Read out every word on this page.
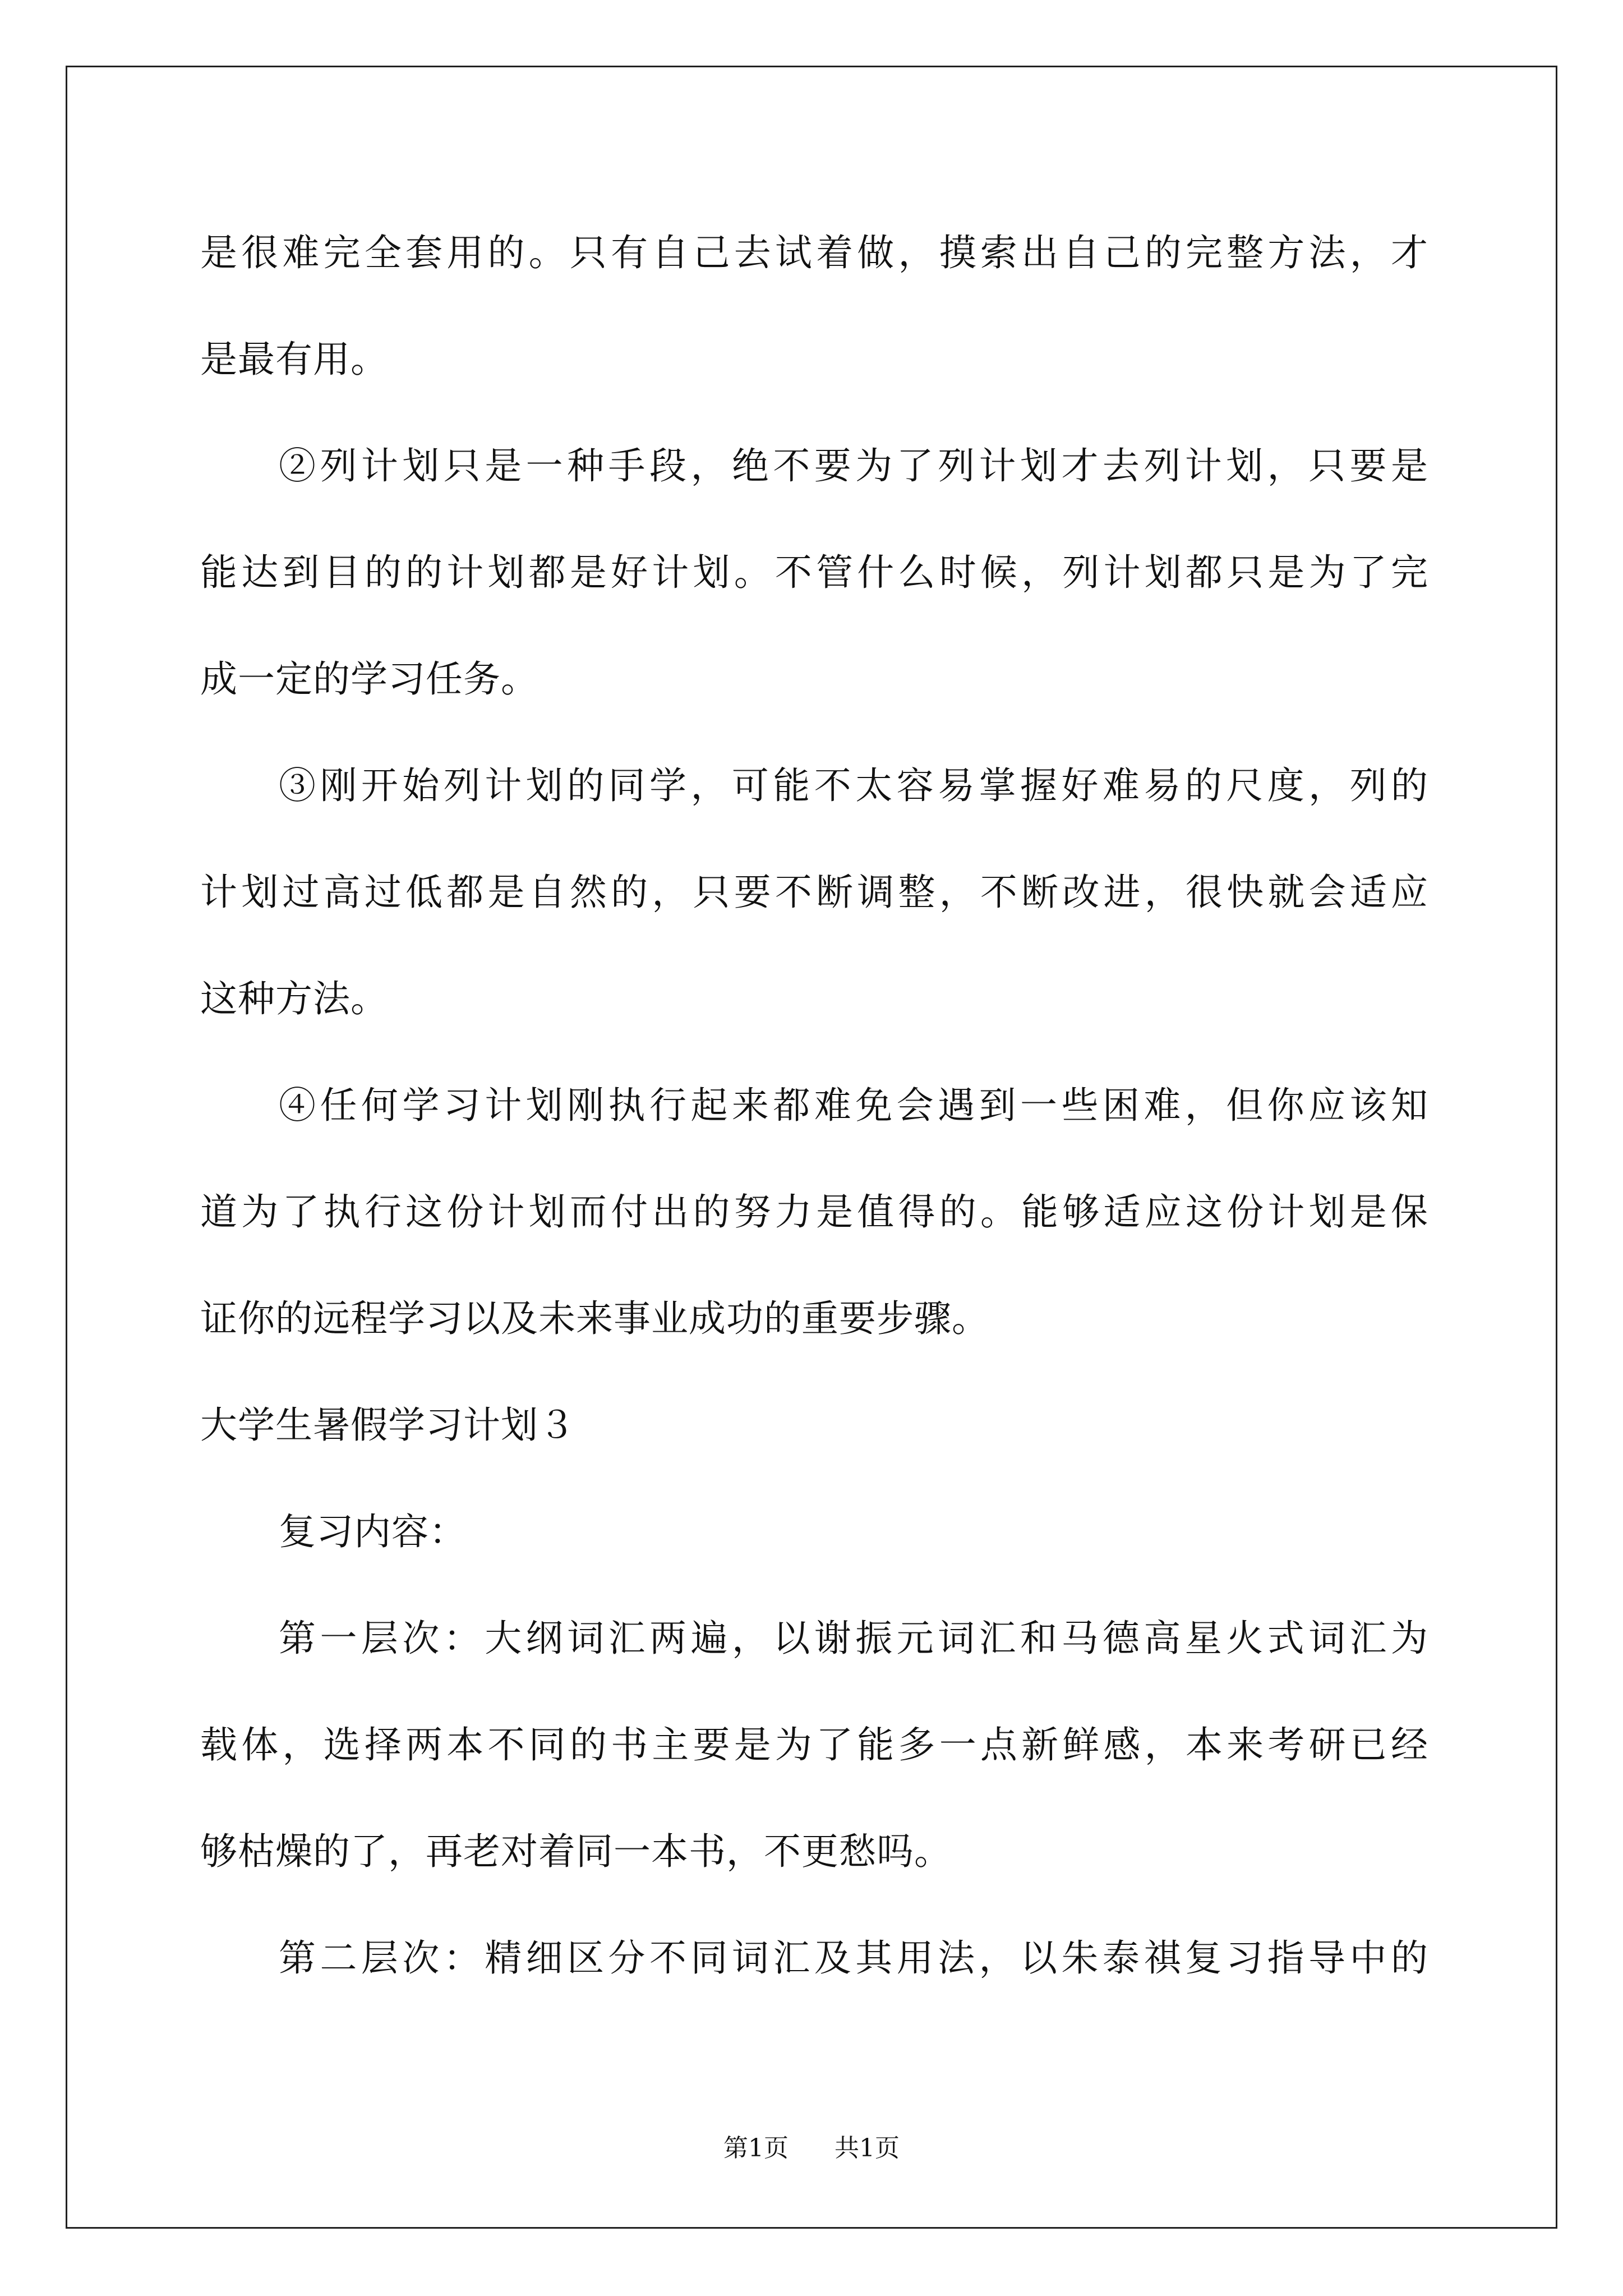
是很难完全套用的。只有自己去试着做，摸索出自己的完整方法，才
是最有用。
②列计划只是一种手段，绝不要为了列计划才去列计划，只要是
能达到目的的计划都是好计划。不管什么时候，列计划都只是为了完
成一定的学习任务。
③刚开始列计划的同学，可能不太容易掌握好难易的尺度，列的
计划过高过低都是自然的，只要不断调整，不断改进，很快就会适应
这种方法。
④任何学习计划刚执行起来都难免会遇到一些困难，但你应该知
道为了执行这份计划而付出的努力是值得的。能够适应这份计划是保
证你的远程学习以及未来事业成功的重要步骤。
大学生暑假学习计划３
复习内容：
第一层次：大纲词汇两遍，以谢振元词汇和马德高星火式词汇为
载体，选择两本不同的书主要是为了能多一点新鲜感，本来考研已经
够枯燥的了，再老对着同一本书，不更愁吗。
第二层次：精细区分不同词汇及其用法，以朱泰祺复习指导中的
第1页 共1页
